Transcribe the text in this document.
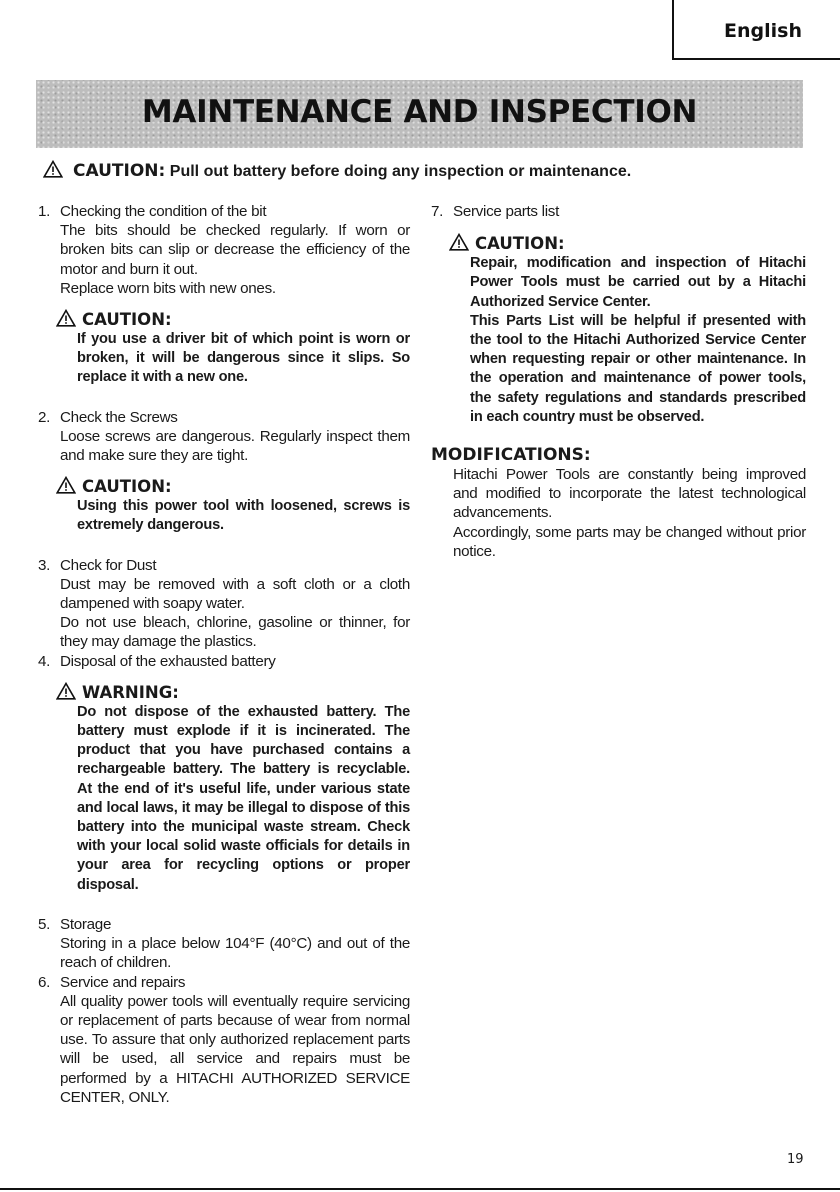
English
MAINTENANCE AND INSPECTION
CAUTION: Pull out battery before doing any inspection or maintenance.
1. Checking the condition of the bit
The bits should be checked regularly. If worn or broken bits can slip or decrease the efficiency of the motor and burn it out.
Replace worn bits with new ones.
CAUTION:
If you use a driver bit of which point is worn or broken, it will be dangerous since it slips. So replace it with a new one.
2. Check the Screws
Loose screws are dangerous. Regularly inspect them and make sure they are tight.
CAUTION:
Using this power tool with loosened, screws is extremely dangerous.
3. Check for Dust
Dust may be removed with a soft cloth or a cloth dampened with soapy water.
Do not use bleach, chlorine, gasoline or thinner, for they may damage the plastics.
4. Disposal of the exhausted battery
WARNING:
Do not dispose of the exhausted battery. The battery must explode if it is incinerated. The product that you have purchased contains a rechargeable battery. The battery is recyclable. At the end of it's useful life, under various state and local laws, it may be illegal to dispose of this battery into the municipal waste stream. Check with your local solid waste officials for details in your area for recycling options or proper disposal.
5. Storage
Storing in a place below 104°F (40°C) and out of the reach of children.
6. Service and repairs
All quality power tools will eventually require servicing or replacement of parts because of wear from normal use. To assure that only authorized replacement parts will be used, all service and repairs must be performed by a HITACHI AUTHORIZED SERVICE CENTER, ONLY.
7. Service parts list
CAUTION:
Repair, modification and inspection of Hitachi Power Tools must be carried out by a Hitachi Authorized Service Center.
This Parts List will be helpful if presented with the tool to the Hitachi Authorized Service Center when requesting repair or other maintenance. In the operation and maintenance of power tools, the safety regulations and standards prescribed in each country must be observed.
MODIFICATIONS:
Hitachi Power Tools are constantly being improved and modified to incorporate the latest technological advancements.
Accordingly, some parts may be changed without prior notice.
19
